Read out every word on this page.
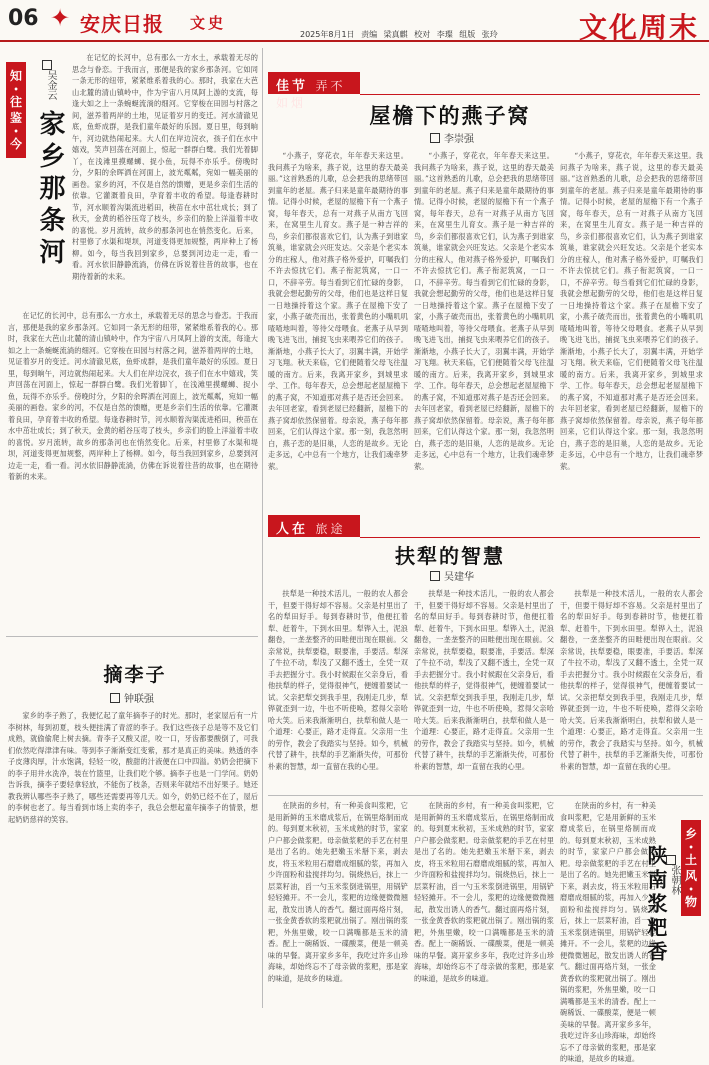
06 ✦ 安庆日报 文史
2025年8月1日 责编 梁真麒 校对 李璨 组版 张玲	文化周末
知
•
往
鉴
•
今 家乡那条河
吴金云
在记忆的长河中，总有那么一方水土，承载着无尽的思念与眷恋。于我而言，那便是我的家乡那条河。它如同一条无形的纽带，紧紧维系着我的心。那时，我家在大芭山北麓的清山镇岭中，作为宇宙八月凤阿上游的支流，每逢大如之上一条蜿蜒流淌的细河。它穿梭在田园与村落之间，滋养着两岸的土地，见证着岁月的变迁。河水清澈见底，鱼虾成群，是我们童年最好的乐园。夏日里，每到晌午，河边就热闹起来。大人们在岸边浣衣，孩子们在水中嬉戏，笑声回荡在河面上，惊起一群群白鹭。我们光着脚丫，在浅滩里摸螺蛳、捉小鱼，玩得不亦乐乎。傍晚时分，夕阳的余晖洒在河面上，波光粼粼，宛如一幅美丽的画卷。家乡的河，不仅是自然的馈赠，更是乡亲们生活的依靠。它灌溉着良田，孕育着丰收的希望。每逢春耕时节，河水顺着沟渠流进稻田，秧苗在水中茁壮成长；到了秋天，金黄的稻谷压弯了枝头，乡亲们的脸上洋溢着丰收的喜悦。岁月流转，故乡的那条河也在悄然变化。后来，村里修了水渠和堤坝，河道变得更加规整，两岸种上了杨柳。如今，每当我回到家乡，总要到河边走一走，看一看。河水依旧静静流淌，仿佛在诉说着往昔的故事，也在期待着新的未来。
在记忆的长河中，总有那么一方水土，承载着无尽的思念与眷恋。于我而言，那便是我的家乡那条河。它如同一条无形的纽带，紧紧维系着我的心。那时，我家在大芭山北麓的清山镇岭中，作为宇宙八月凤阿上游的支流，每逢大如之上一条蜿蜒流淌的细河。它穿梭在田园与村落之间，滋养着两岸的土地，见证着岁月的变迁。河水清澈见底，鱼虾成群，是我们童年最好的乐园。夏日里，每到晌午，河边就热闹起来。大人们在岸边浣衣，孩子们在水中嬉戏，笑声回荡在河面上，惊起一群群白鹭。我们光着脚丫，在浅滩里摸螺蛳、捉小鱼，玩得不亦乐乎。傍晚时分，夕阳的余晖洒在河面上，波光粼粼，宛如一幅美丽的画卷。家乡的河，不仅是自然的馈赠，更是乡亲们生活的依靠。它灌溉着良田，孕育着丰收的希望。每逢春耕时节，河水顺着沟渠流进稻田，秧苗在水中茁壮成长；到了秋天，金黄的稻谷压弯了枝头，乡亲们的脸上洋溢着丰收的喜悦。岁月流转，故乡的那条河也在悄然变化。后来，村里修了水渠和堤坝，河道变得更加规整，两岸种上了杨柳。如今，每当我回到家乡，总要到河边走一走，看一看。河水依旧静静流淌，仿佛在诉说着往昔的故事，也在期待着新的未来。
摘李子
钟联强
家乡的李子熟了，我便忆起了童年摘李子的时光。那时，老家屋后有一片李树林，每到初夏，枝头便挂满了青涩的李子。我们这些孩子总是等不及它们成熟，就偷偷爬上树去摘。青李子又酸又涩，咬一口，牙齿都要酸倒了，可我们依然吃得津津有味。等到李子渐渐变红变紫，那才是真正的美味。熟透的李子皮薄肉厚，汁水饱满，轻轻一咬，酸甜的汁液便在口中四溢。奶奶会把摘下的李子用井水洗净，装在竹篮里，让我们吃个够。摘李子也是一门学问。奶奶告诉我，摘李子要轻拿轻放，不能伤了枝条，否则来年就结不出好果子。她还教我辨认哪些李子熟了，哪些还需要再等几天。如今，奶奶已经不在了，屋后的李树也老了。每当看到市场上卖的李子，我总会想起童年摘李子的情景，想起奶奶慈祥的笑容。
佳节 弄不如烟	屋檐下的燕子窝
李崇强
“小燕子，穿花衣，年年春天来这里。我问燕子为啥来，燕子说，这里的春天最美丽。”这首熟悉的儿歌，总会把我的思绪带回到童年的老屋。燕子归来是童年最期待的事情。记得小时候，老屋的屋檐下有一个燕子窝，每年春天，总有一对燕子从南方飞回来，在窝里生儿育女。燕子是一种吉祥的鸟，乡亲们都很喜欢它们，认为燕子到谁家筑巢，谁家就会兴旺发达。父亲是个老实本分的庄稼人，他对燕子格外爱护，叮嘱我们不许去惊扰它们。燕子衔泥筑窝，一口一口，不辞辛劳。每当看到它们忙碌的身影，我就会想起勤劳的父母，他们也是这样日复一日地操持着这个家。燕子在屋檐下安了家，小燕子破壳而出，张着黄色的小嘴叽叽喳喳地叫着，等待父母喂食。老燕子从早到晚飞进飞出，捕捉飞虫来喂养它们的孩子。渐渐地，小燕子长大了，羽翼丰满，开始学习飞翔。秋天来临，它们便随着父母飞往温暖的南方。后来，我离开家乡，到城里求学、工作。每年春天，总会想起老屋屋檐下的燕子窝，不知道那对燕子是否还会回来。去年回老家，看到老屋已经翻新，屋檐下的燕子窝却依然保留着。母亲说，燕子每年都回来，它们认得这个家。那一刻，我忽然明白，燕子恋的是旧巢，人恋的是故乡。无论走多远，心中总有一个地方，让我们魂牵梦萦。
“小燕子，穿花衣，年年春天来这里。我问燕子为啥来，燕子说，这里的春天最美丽。”这首熟悉的儿歌，总会把我的思绪带回到童年的老屋。燕子归来是童年最期待的事情。记得小时候，老屋的屋檐下有一个燕子窝，每年春天，总有一对燕子从南方飞回来，在窝里生儿育女。燕子是一种吉祥的鸟，乡亲们都很喜欢它们，认为燕子到谁家筑巢，谁家就会兴旺发达。父亲是个老实本分的庄稼人，他对燕子格外爱护，叮嘱我们不许去惊扰它们。燕子衔泥筑窝，一口一口，不辞辛劳。每当看到它们忙碌的身影，我就会想起勤劳的父母，他们也是这样日复一日地操持着这个家。燕子在屋檐下安了家，小燕子破壳而出，张着黄色的小嘴叽叽喳喳地叫着，等待父母喂食。老燕子从早到晚飞进飞出，捕捉飞虫来喂养它们的孩子。渐渐地，小燕子长大了，羽翼丰满，开始学习飞翔。秋天来临，它们便随着父母飞往温暖的南方。后来，我离开家乡，到城里求学、工作。每年春天，总会想起老屋屋檐下的燕子窝，不知道那对燕子是否还会回来。去年回老家，看到老屋已经翻新，屋檐下的燕子窝却依然保留着。母亲说，燕子每年都回来，它们认得这个家。那一刻，我忽然明白，燕子恋的是旧巢，人恋的是故乡。无论走多远，心中总有一个地方，让我们魂牵梦萦。
“小燕子，穿花衣，年年春天来这里。我问燕子为啥来，燕子说，这里的春天最美丽。”这首熟悉的儿歌，总会把我的思绪带回到童年的老屋。燕子归来是童年最期待的事情。记得小时候，老屋的屋檐下有一个燕子窝，每年春天，总有一对燕子从南方飞回来，在窝里生儿育女。燕子是一种吉祥的鸟，乡亲们都很喜欢它们，认为燕子到谁家筑巢，谁家就会兴旺发达。父亲是个老实本分的庄稼人，他对燕子格外爱护，叮嘱我们不许去惊扰它们。燕子衔泥筑窝，一口一口，不辞辛劳。每当看到它们忙碌的身影，我就会想起勤劳的父母，他们也是这样日复一日地操持着这个家。燕子在屋檐下安了家，小燕子破壳而出，张着黄色的小嘴叽叽喳喳地叫着，等待父母喂食。老燕子从早到晚飞进飞出，捕捉飞虫来喂养它们的孩子。渐渐地，小燕子长大了，羽翼丰满，开始学习飞翔。秋天来临，它们便随着父母飞往温暖的南方。后来，我离开家乡，到城里求学、工作。每年春天，总会想起老屋屋檐下的燕子窝，不知道那对燕子是否还会回来。去年回老家，看到老屋已经翻新，屋檐下的燕子窝却依然保留着。母亲说，燕子每年都回来，它们认得这个家。那一刻，我忽然明白，燕子恋的是旧巢，人恋的是故乡。无论走多远，心中总有一个地方，让我们魂牵梦萦。
人在 旅途
扶犁的智慧
吴建华
扶犁是一种技术活儿，一般的农人都会干，但要干得好却不容易。父亲是村里出了名的犁田好手。每到春耕时节，他便扛着犁、赶着牛，下到水田里。犁铧入土，泥浪翻卷，一垄垄整齐的田畦便出现在眼前。父亲常说，扶犁要稳，眼要准，手要活。犁深了牛拉不动，犁浅了又翻不透土，全凭一双手去把握分寸。我小时候跟在父亲身后，看他扶犁的样子，觉得很神气，便缠着要试一试。父亲把犁交到我手里，我刚走几步，犁铧就歪到一边，牛也不听使唤，惹得父亲哈哈大笑。后来我渐渐明白，扶犁和做人是一个道理：心要正，路才走得直。父亲用一生的劳作，教会了我踏实与坚持。如今，机械代替了耕牛，扶犁的手艺渐渐失传，可那份朴素的智慧，却一直留在我的心里。
扶犁是一种技术活儿，一般的农人都会干，但要干得好却不容易。父亲是村里出了名的犁田好手。每到春耕时节，他便扛着犁、赶着牛，下到水田里。犁铧入土，泥浪翻卷，一垄垄整齐的田畦便出现在眼前。父亲常说，扶犁要稳，眼要准，手要活。犁深了牛拉不动，犁浅了又翻不透土，全凭一双手去把握分寸。我小时候跟在父亲身后，看他扶犁的样子，觉得很神气，便缠着要试一试。父亲把犁交到我手里，我刚走几步，犁铧就歪到一边，牛也不听使唤，惹得父亲哈哈大笑。后来我渐渐明白，扶犁和做人是一个道理：心要正，路才走得直。父亲用一生的劳作，教会了我踏实与坚持。如今，机械代替了耕牛，扶犁的手艺渐渐失传，可那份朴素的智慧，却一直留在我的心里。
扶犁是一种技术活儿，一般的农人都会干，但要干得好却不容易。父亲是村里出了名的犁田好手。每到春耕时节，他便扛着犁、赶着牛，下到水田里。犁铧入土，泥浪翻卷，一垄垄整齐的田畦便出现在眼前。父亲常说，扶犁要稳，眼要准，手要活。犁深了牛拉不动，犁浅了又翻不透土，全凭一双手去把握分寸。我小时候跟在父亲身后，看他扶犁的样子，觉得很神气，便缠着要试一试。父亲把犁交到我手里，我刚走几步，犁铧就歪到一边，牛也不听使唤，惹得父亲哈哈大笑。后来我渐渐明白，扶犁和做人是一个道理：心要正，路才走得直。父亲用一生的劳作，教会了我踏实与坚持。如今，机械代替了耕牛，扶犁的手艺渐渐失传，可那份朴素的智慧，却一直留在我的心里。
在陕南的乡村，有一种美食叫浆粑，它是用新鲜的玉米磨成浆后，在锅里烙制而成的。每到夏末秋初，玉米成熟的时节，家家户户都会做浆粑。母亲做浆粑的手艺在村里是出了名的。她先把嫩玉米掰下来，剥去皮，将玉米粒用石磨磨成细腻的浆，再加入少许面粉和盐搅拌均匀。锅烧热后，抹上一层菜籽油，舀一勺玉米浆倒进锅里，用锅铲轻轻摊开。不一会儿，浆粑的边缘便微微翘起，散发出诱人的香气。翻过面再烙片刻，一张金黄香软的浆粑就出锅了。刚出锅的浆粑，外焦里嫩，咬一口满嘴都是玉米的清香。配上一碗稀饭、一碟酸菜，便是一顿美味的早餐。离开家乡多年，我吃过许多山珍海味，却始终忘不了母亲做的浆粑，那是家的味道，是故乡的味道。
在陕南的乡村，有一种美食叫浆粑，它是用新鲜的玉米磨成浆后，在锅里烙制而成的。每到夏末秋初，玉米成熟的时节，家家户户都会做浆粑。母亲做浆粑的手艺在村里是出了名的。她先把嫩玉米掰下来，剥去皮，将玉米粒用石磨磨成细腻的浆，再加入少许面粉和盐搅拌均匀。锅烧热后，抹上一层菜籽油，舀一勺玉米浆倒进锅里，用锅铲轻轻摊开。不一会儿，浆粑的边缘便微微翘起，散发出诱人的香气。翻过面再烙片刻，一张金黄香软的浆粑就出锅了。刚出锅的浆粑，外焦里嫩，咬一口满嘴都是玉米的清香。配上一碗稀饭、一碟酸菜，便是一顿美味的早餐。离开家乡多年，我吃过许多山珍海味，却始终忘不了母亲做的浆粑，那是家的味道，是故乡的味道。
在陕南的乡村，有一种美食叫浆粑，它是用新鲜的玉米磨成浆后，在锅里烙制而成的。每到夏末秋初，玉米成熟的时节，家家户户都会做浆粑。母亲做浆粑的手艺在村里是出了名的。她先把嫩玉米掰下来，剥去皮，将玉米粒用石磨磨成细腻的浆，再加入少许面粉和盐搅拌均匀。锅烧热后，抹上一层菜籽油，舀一勺玉米浆倒进锅里，用锅铲轻轻摊开。不一会儿，浆粑的边缘便微微翘起，散发出诱人的香气。翻过面再烙片刻，一张金黄香软的浆粑就出锅了。刚出锅的浆粑，外焦里嫩，咬一口满嘴都是玉米的清香。配上一碗稀饭、一碟酸菜，便是一顿美味的早餐。离开家乡多年，我吃过许多山珍海味，却始终忘不了母亲做的浆粑，那是家的味道，是故乡的味道。
陕南浆粑香 张朝林
乡
•
土
风
•
物
